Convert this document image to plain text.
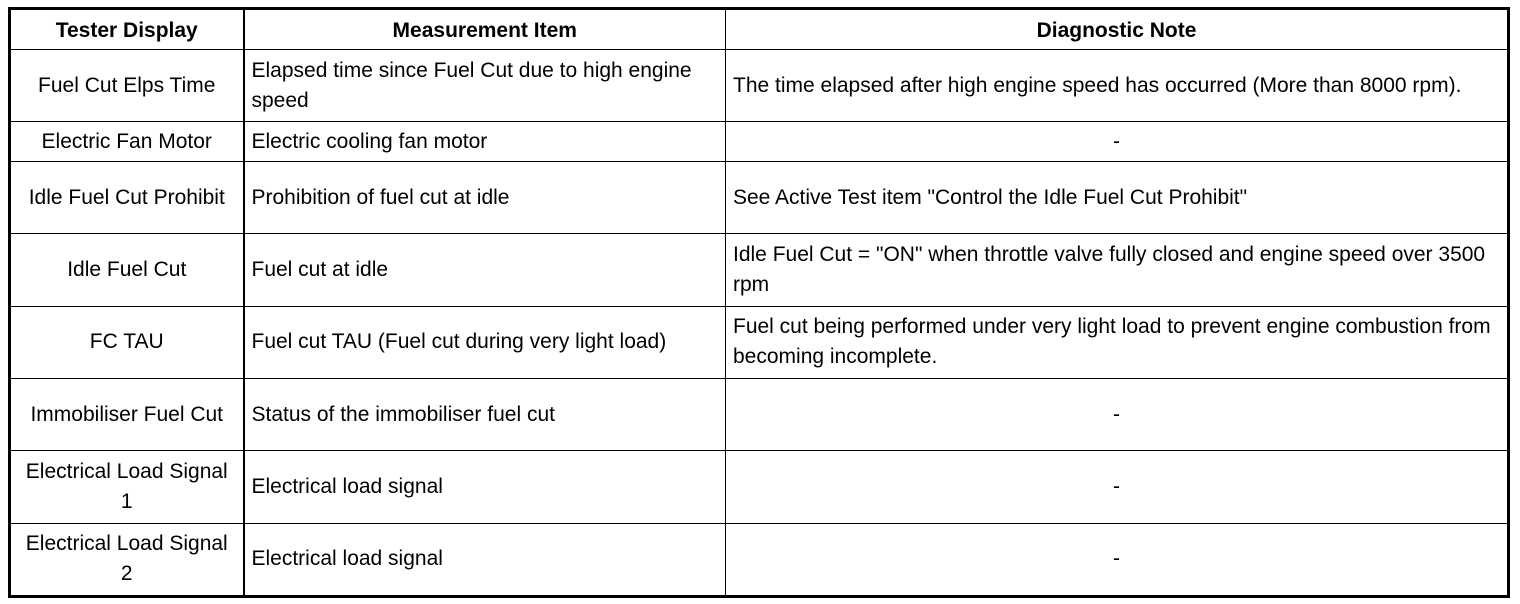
Tester Display	Measurement Item	Diagnostic Note
Fuel Cut Elps Time	Elapsed time since Fuel Cut due to high engine speed	The time elapsed after high engine speed has occurred (More than 8000 rpm).
Electric Fan Motor	Electric cooling fan motor	-
Idle Fuel Cut Prohibit	Prohibition of fuel cut at idle	See Active Test item "Control the Idle Fuel Cut Prohibit"
Idle Fuel Cut	Fuel cut at idle	Idle Fuel Cut = "ON" when throttle valve fully closed and engine speed over 3500 rpm
FC TAU	Fuel cut TAU (Fuel cut during very light load)	Fuel cut being performed under very light load to prevent engine combustion from becoming incomplete.
Immobiliser Fuel Cut	Status of the immobiliser fuel cut	-
Electrical Load Signal 1	Electrical load signal	-
Electrical Load Signal 2	Electrical load signal	-
